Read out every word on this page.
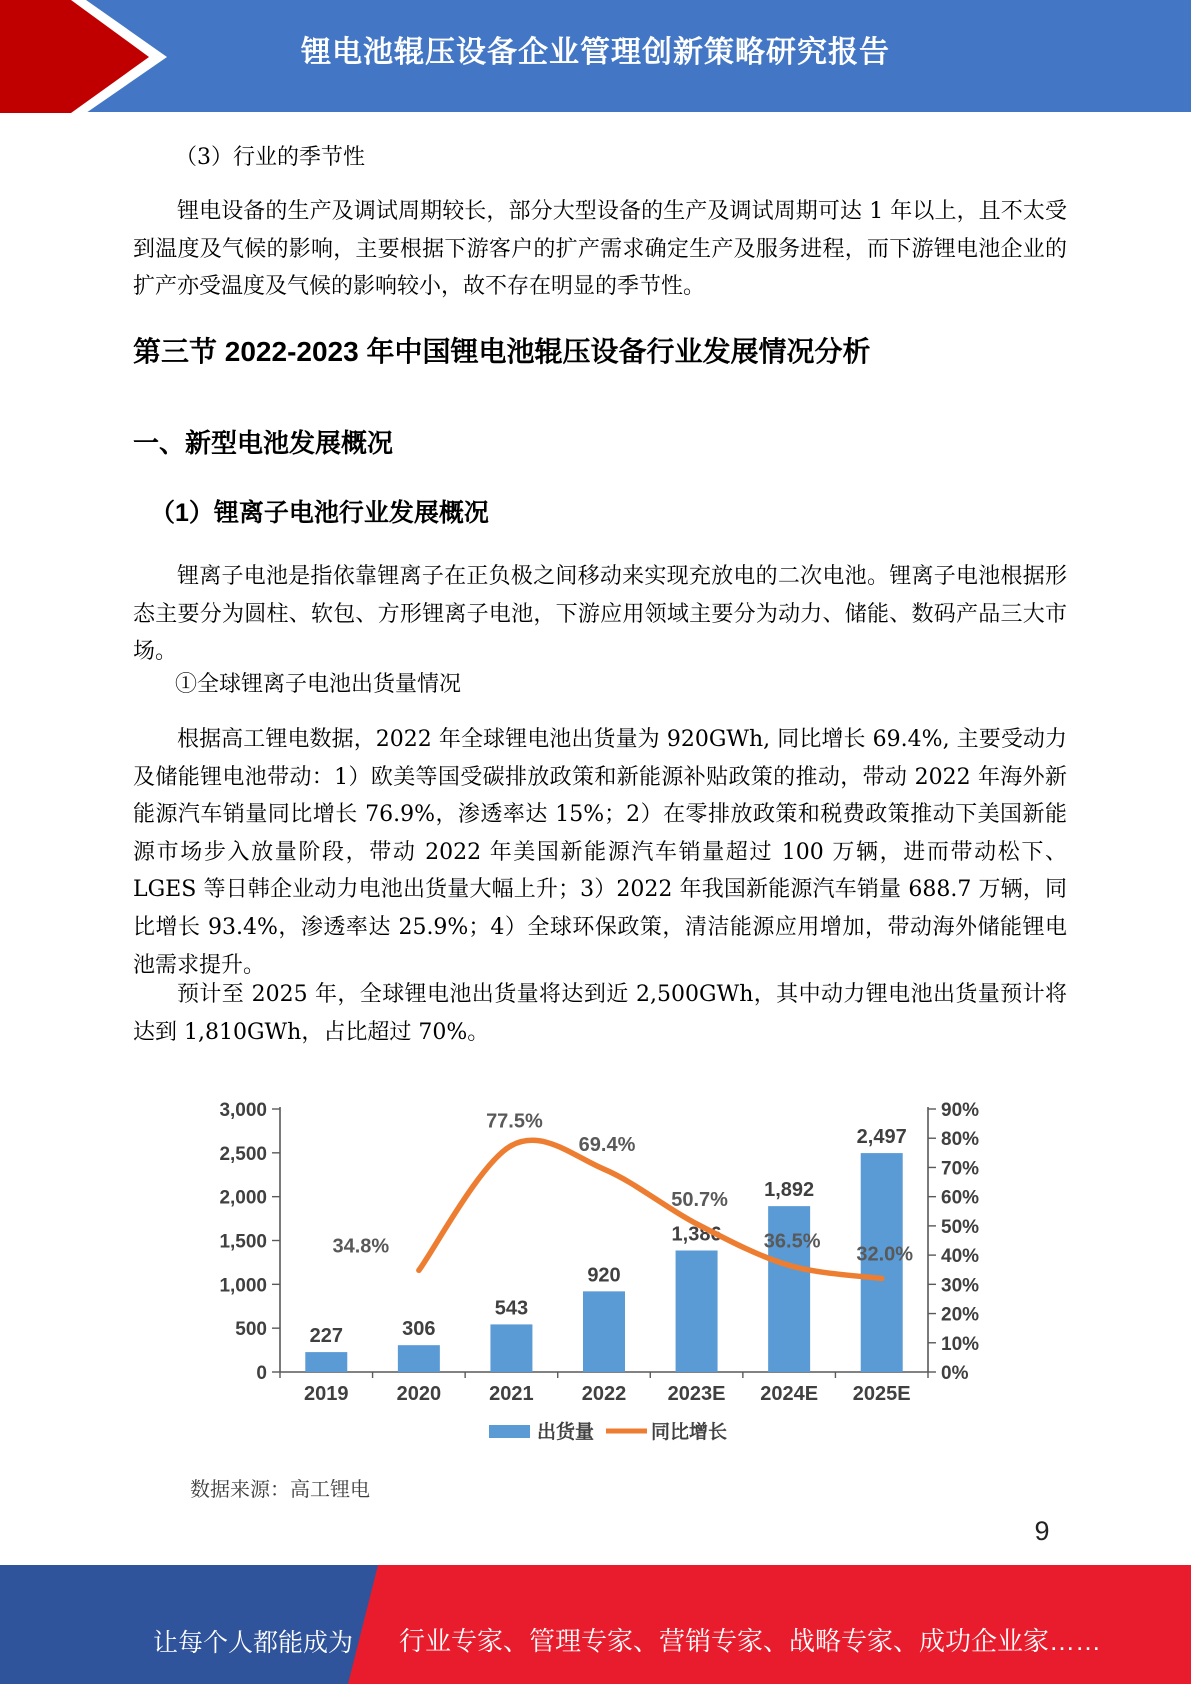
锂电池辊压设备企业管理创新策略研究报告
（3）行业的季节性
锂电设备的生产及调试周期较长，部分大型设备的生产及调试周期可达 1 年以上，且不太受到温度及气候的影响，主要根据下游客户的扩产需求确定生产及服务进程，而下游锂电池企业的扩产亦受温度及气候的影响较小，故不存在明显的季节性。
第三节 2022-2023 年中国锂电池辊压设备行业发展情况分析
一、新型电池发展概况
（1）锂离子电池行业发展概况
锂离子电池是指依靠锂离子在正负极之间移动来实现充放电的二次电池。锂离子电池根据形态主要分为圆柱、软包、方形锂离子电池，下游应用领域主要分为动力、储能、数码产品三大市场。
①全球锂离子电池出货量情况
根据高工锂电数据，2022 年全球锂电池出货量为 920GWh, 同比增长 69.4%, 主要受动力及储能锂电池带动：1）欧美等国受碳排放政策和新能源补贴政策的推动，带动 2022 年海外新能源汽车销量同比增长 76.9%，渗透率达 15%；2）在零排放政策和税费政策推动下美国新能源市场步入放量阶段，带动 2022 年美国新能源汽车销量超过 100 万辆，进而带动松下、LGES 等日韩企业动力电池出货量大幅上升；3）2022 年我国新能源汽车销量 688.7 万辆，同比增长 93.4%，渗透率达 25.9%；4）全球环保政策，清洁能源应用增加，带动海外储能锂电池需求提升。
预计至 2025 年，全球锂电池出货量将达到近 2,500GWh，其中动力锂电池出货量预计将达到 1,810GWh，占比超过 70%。
0
500
1,000
1,500
2,000
2,500
3,000
0%
10%
20%
30%
40%
50%
60%
70%
80%
90%
2019 2020 2021 2022 2023E 2024E 2025E
227	306
543
920
1,386
1,892
2,497
34.8%
77.5%
69.4%
50.7%
36.5%
32.0%
出货量	同比增长
数据来源：高工锂电
9
让每个人都能成为 行业专家、管理专家、营销专家、战略专家、成功企业家……
